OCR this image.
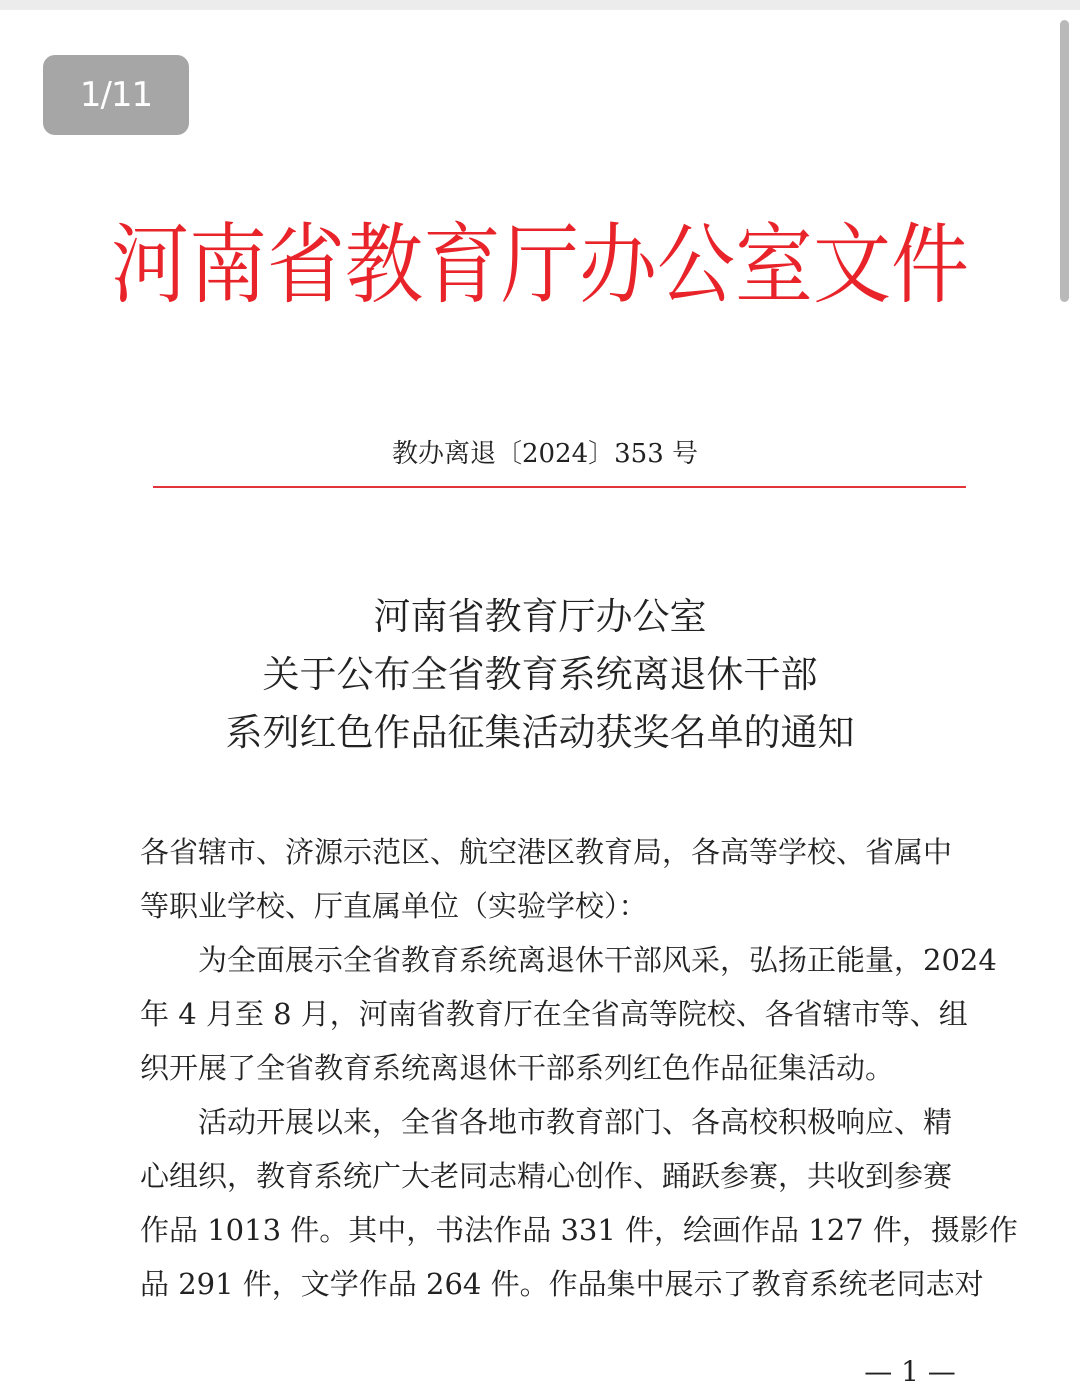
1/11
河南省教育厅办公室文件
教办离退〔2024〕353 号
河南省教育厅办公室
关于公布全省教育系统离退休干部
系列红色作品征集活动获奖名单的通知
各省辖市、济源示范区、航空港区教育局，各高等学校、省属中
等职业学校、厅直属单位（实验学校）：
为全面展示全省教育系统离退休干部风采，弘扬正能量，2024
年 4 月至 8 月，河南省教育厅在全省高等院校、各省辖市等、组
织开展了全省教育系统离退休干部系列红色作品征集活动。
活动开展以来，全省各地市教育部门、各高校积极响应、精
心组织，教育系统广大老同志精心创作、踊跃参赛，共收到参赛
作品 1013 件。其中，书法作品 331 件，绘画作品 127 件，摄影作
品 291 件，文学作品 264 件。作品集中展示了教育系统老同志对
— 1 —
